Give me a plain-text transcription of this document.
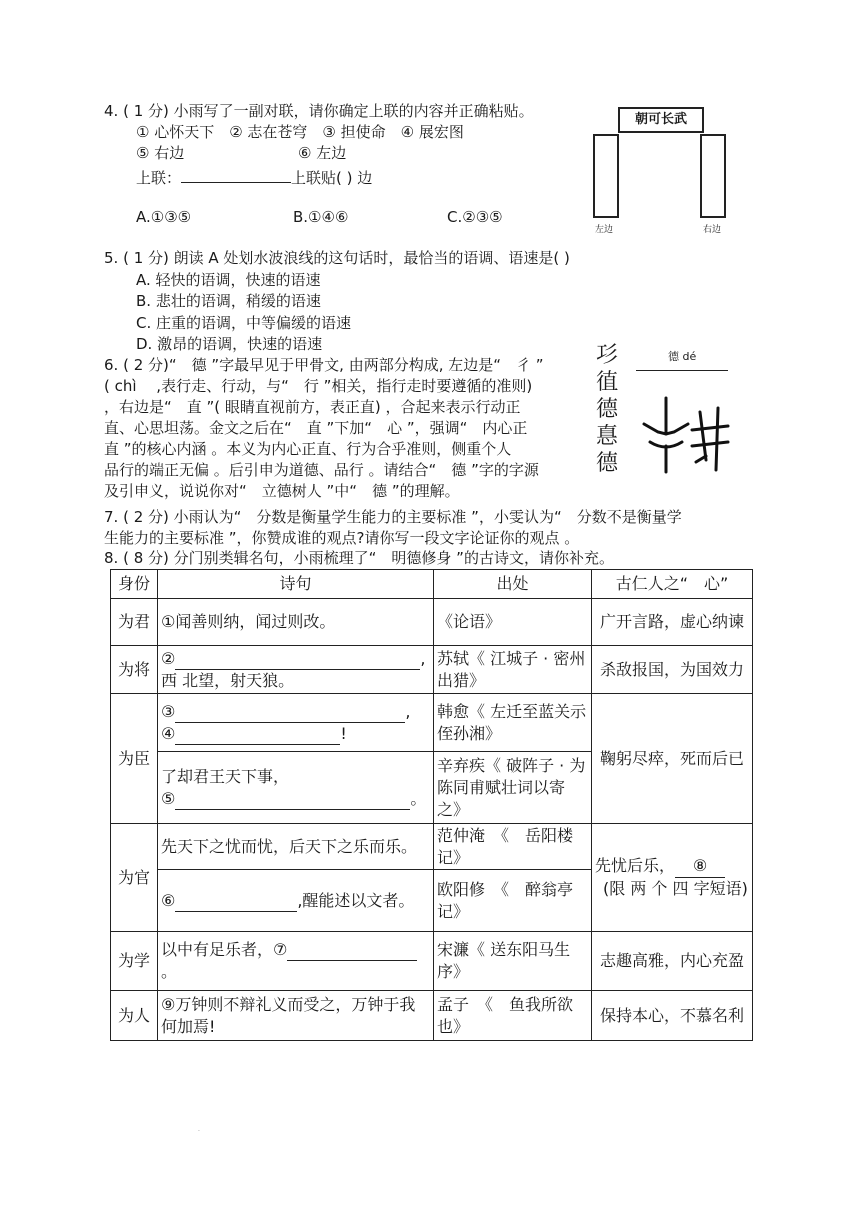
4. ( 1 分) 小雨写了一副对联，请你确定上联的内容并正确粘贴。
① 心怀天下　② 志在苍穹　③ 担使命　④ 展宏图
⑤ 右边	⑥ 左边
上联：	上联贴( ) 边
A.①③⑤	B.①④⑥	C.②③⑤
朝可长武
左边	右边
5. ( 1 分) 朗读 A 处划水波浪线的这句话时，最恰当的语调、语速是( )
A. 轻快的语调，快速的语速
B. 悲壮的语调，稍缓的语速
C. 庄重的语调，中等偏缓的语速
D. 激昂的语调，快速的语速
6. ( 2 分)“　德 ”字最早见于甲骨文, 由两部分构成, 左边是“　彳 ”
( chì　 ,表行走、行动，与“　行 ”相关，指行走时要遵循的准则)
，右边是“　直 ”( 眼睛直视前方，表正直) ，合起来表示行动正
直、心思坦荡。金文之后在“　直 ”下加“　心 ”，强调“　内心正
直 ”的核心内涵 。本义为内心正直、行为合乎准则，侧重个人
品行的端正无偏 。后引申为道德、品行 。请结合“　德 ”字的字源
及引申义，说说你对“　立德树人 ”中“　德 ”的理解。
㣉
徝
德
惪
德
德 dé
7. ( 2 分) 小雨认为“　分数是衡量学生能力的主要标准 ”，小雯认为“　分数不是衡量学
生能力的主要标准 ”，你赞成谁的观点?请你写一段文字论证你的观点 。
8. ( 8 分) 分门别类辑名句，小雨梳理了“　明德修身 ”的古诗文，请你补充。
身份	诗句	出处	古仁人之“　心”
为君	①闻善则纳，闻过则改。	《论语》	广开言路，虚心纳谏
为将	② ,
西 北望，射天狼。	苏轼《 江城子 · 密州出猎》	杀敌报国，为国效力
为臣	③ ,
④ !	韩愈《 左迁至蓝关示侄孙湘》	鞠躬尽瘁，死而后已

	了却君王天下事，
⑤ 。	辛弃疾《 破阵子 · 为陈同甫赋壮词以寄之》	
为官	先天下之忧而忧，后天下之乐而乐。	范仲淹　《　岳阳楼记》	先忧后乐， ⑧
(限 两 个 四 字短语)

	⑥ ,醒能述以文者。	欧阳修　《　醉翁亭记》	
为学	以中有足乐者，⑦
。	宋濂《 送东阳马生序》	志趣高雅，内心充盈
为人	⑨万钟则不辩礼义而受之，万钟于我何加焉!	孟子　《　鱼我所欲 也》	保持本心，不慕名利
·
